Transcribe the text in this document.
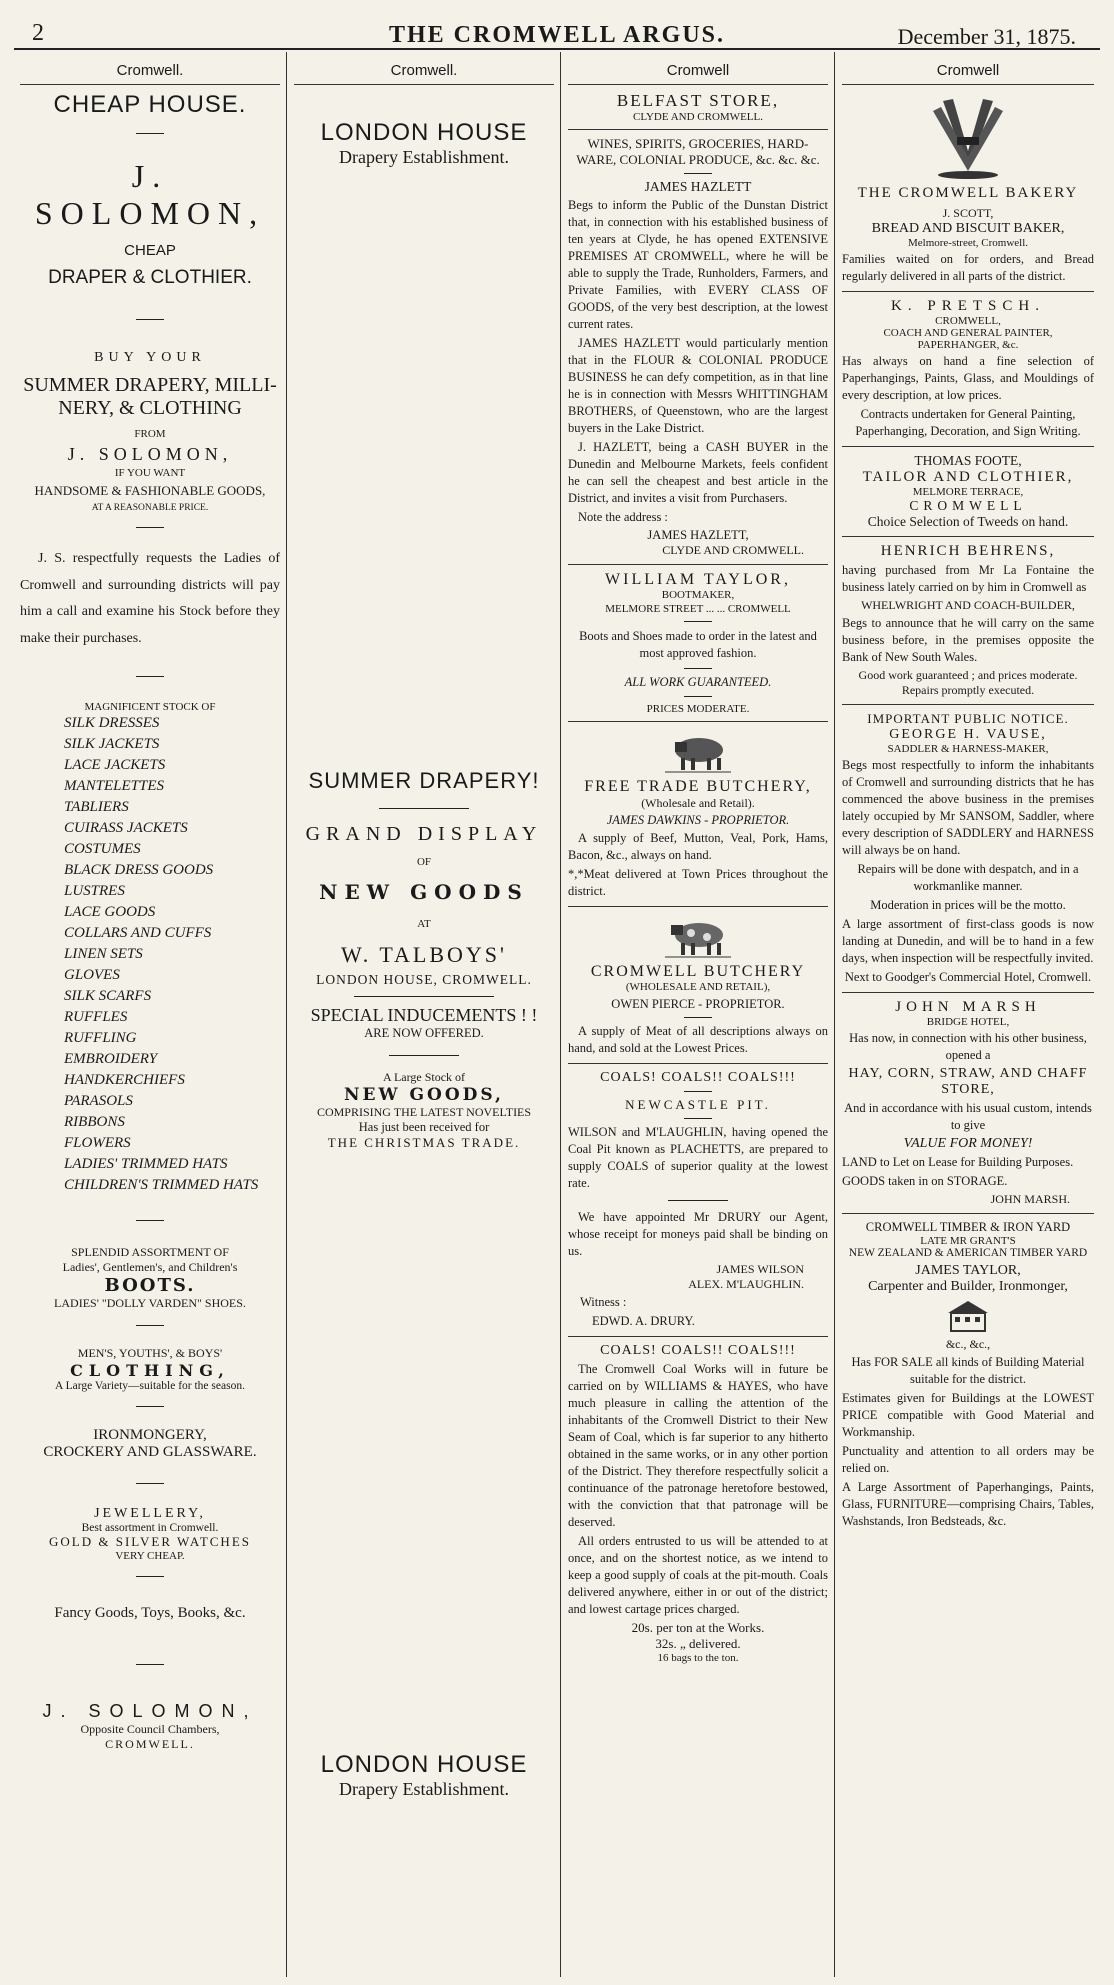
2	THE CROMWELL ARGUS.	December 31, 1875.
Cromwell.
CHEAP HOUSE.
J. SOLOMON,
CHEAP
DRAPER & CLOTHIER.
BUY YOUR
SUMMER DRAPERY, MILLI-
NERY, & CLOTHING
FROM
J. SOLOMON,
IF YOU WANT
HANDSOME & FASHIONABLE GOODS,
AT A REASONABLE PRICE.
J. S. respectfully requests the Ladies of Cromwell and surrounding districts will pay him a call and examine his Stock before they make their purchases.
MAGNIFICENT STOCK OF
SILK DRESSES
SILK JACKETS
LACE JACKETS
MANTELETTES
TABLIERS
CUIRASS JACKETS
COSTUMES
BLACK DRESS GOODS
LUSTRES
LACE GOODS
COLLARS AND CUFFS
LINEN SETS
GLOVES
SILK SCARFS
RUFFLES
RUFFLING
EMBROIDERY
HANDKERCHIEFS
PARASOLS
RIBBONS
FLOWERS
LADIES' TRIMMED HATS
CHILDREN'S TRIMMED HATS
SPLENDID ASSORTMENT OF
Ladies', Gentlemen's, and Children's
BOOTS.
LADIES' "DOLLY VARDEN" SHOES.
MEN'S, YOUTHS', & BOYS'
CLOTHING,
A Large Variety—suitable for the season.
IRONMONGERY,
CROCKERY AND GLASSWARE.
JEWELLERY,
Best assortment in Cromwell.
GOLD & SILVER WATCHES
VERY CHEAP.
Fancy Goods, Toys, Books, &c.
J. SOLOMON,
Opposite Council Chambers,
CROMWELL.
Cromwell.
LONDON HOUSE
Drapery Establishment.
SUMMER DRAPERY!
GRAND DISPLAY
OF
NEW GOODS
AT
W. TALBOYS'
LONDON HOUSE, CROMWELL.
SPECIAL INDUCEMENTS ! !
ARE NOW OFFERED.
A Large Stock of
NEW GOODS,
COMPRISING THE LATEST NOVELTIES
Has just been received for
THE CHRISTMAS TRADE.
LONDON HOUSE
Drapery Establishment.
Cromwell
BELFAST STORE,
CLYDE AND CROMWELL.
WINES, SPIRITS, GROCERIES, HARD-WARE, COLONIAL PRODUCE, &c. &c. &c.
JAMES HAZLETT
Begs to inform the Public of the Dunstan District that, in connection with his established business of ten years at Clyde, he has opened EXTENSIVE PREMISES AT CROMWELL, where he will be able to supply the Trade, Runholders, Farmers, and Private Families, with EVERY CLASS OF GOODS, of the very best description, at the lowest current rates.
JAMES HAZLETT would particularly mention that in the FLOUR & COLONIAL PRODUCE BUSINESS he can defy competition, as in that line he is in connection with Messrs WHITTINGHAM BROTHERS, of Queenstown, who are the largest buyers in the Lake District.
J. HAZLETT, being a CASH BUYER in the Dunedin and Melbourne Markets, feels confident he can sell the cheapest and best article in the District, and invites a visit from Purchasers.
Note the address :
JAMES HAZLETT,
CLYDE AND CROMWELL.
WILLIAM TAYLOR,
BOOTMAKER,
MELMORE STREET ... ... CROMWELL
Boots and Shoes made to order in the latest and most approved fashion.
ALL WORK GUARANTEED.
PRICES MODERATE.
FREE TRADE BUTCHERY,
(Wholesale and Retail).
JAMES DAWKINS - PROPRIETOR.
A supply of Beef, Mutton, Veal, Pork, Hams, Bacon, &c., always on hand.
*,*Meat delivered at Town Prices throughout the district.
CROMWELL BUTCHERY
(WHOLESALE AND RETAIL),
OWEN PIERCE - PROPRIETOR.
A supply of Meat of all descriptions always on hand, and sold at the Lowest Prices.
COALS! COALS!! COALS!!!
NEWCASTLE PIT.
WILSON and M'LAUGHLIN, having opened the Coal Pit known as PLACHETTS, are prepared to supply COALS of superior quality at the lowest rate.
We have appointed Mr DRURY our Agent, whose receipt for moneys paid shall be binding on us.
JAMES WILSON
ALEX. M'LAUGHLIN.
Witness :
EDWD. A. DRURY.
COALS! COALS!! COALS!!!
The Cromwell Coal Works will in future be carried on by WILLIAMS & HAYES, who have much pleasure in calling the attention of the inhabitants of the Cromwell District to their New Seam of Coal, which is far superior to any hitherto obtained in the same works, or in any other portion of the District. They therefore respectfully solicit a continuance of the patronage heretofore bestowed, with the conviction that that patronage will be deserved.
All orders entrusted to us will be attended to at once, and on the shortest notice, as we intend to keep a good supply of coals at the pit-mouth. Coals delivered anywhere, either in or out of the district; and lowest cartage prices charged.
20s. per ton at the Works.
32s. „ delivered.
16 bags to the ton.
Cromwell
THE CROMWELL BAKERY
J. SCOTT,
BREAD AND BISCUIT BAKER,
Melmore-street, Cromwell.
Families waited on for orders, and Bread regularly delivered in all parts of the district.
K. PRETSCH.
CROMWELL,
COACH AND GENERAL PAINTER,
PAPERHANGER, &c.
Has always on hand a fine selection of Paperhangings, Paints, Glass, and Mouldings of every description, at low prices.
Contracts undertaken for General Painting, Paperhanging, Decoration, and Sign Writing.
THOMAS FOOTE,
TAILOR AND CLOTHIER,
MELMORE TERRACE,
CROMWELL
Choice Selection of Tweeds on hand.
HENRICH BEHRENS,
having purchased from Mr La Fontaine the business lately carried on by him in Cromwell as
WHELWRIGHT AND COACH-BUILDER,
Begs to announce that he will carry on the same business before, in the premises opposite the Bank of New South Wales.
Good work guaranteed ; and prices moderate.
Repairs promptly executed.
IMPORTANT PUBLIC NOTICE.
GEORGE H. VAUSE,
SADDLER & HARNESS-MAKER,
Begs most respectfully to inform the inhabitants of Cromwell and surrounding districts that he has commenced the above business in the premises lately occupied by Mr SANSOM, Saddler, where every description of SADDLERY and HARNESS will always be on hand.
Repairs will be done with despatch, and in a workmanlike manner.
Moderation in prices will be the motto.
A large assortment of first-class goods is now landing at Dunedin, and will be to hand in a few days, when inspection will be respectfully invited.
Next to Goodger's Commercial Hotel, Cromwell.
JOHN MARSH
BRIDGE HOTEL,
Has now, in connection with his other business, opened a
HAY, CORN, STRAW, AND CHAFF STORE,
And in accordance with his usual custom, intends to give
VALUE FOR MONEY!
LAND to Let on Lease for Building Purposes.
GOODS taken in on STORAGE.
JOHN MARSH.
CROMWELL TIMBER & IRON YARD
LATE MR GRANT'S
NEW ZEALAND & AMERICAN TIMBER YARD
JAMES TAYLOR,
Carpenter and Builder, Ironmonger,
&c., &c.,
Has FOR SALE all kinds of Building Material suitable for the district.
Estimates given for Buildings at the LOWEST PRICE compatible with Good Material and Workmanship.
Punctuality and attention to all orders may be relied on.
A Large Assortment of Paperhangings, Paints, Glass, FURNITURE—comprising Chairs, Tables, Washstands, Iron Bedsteads, &c.
